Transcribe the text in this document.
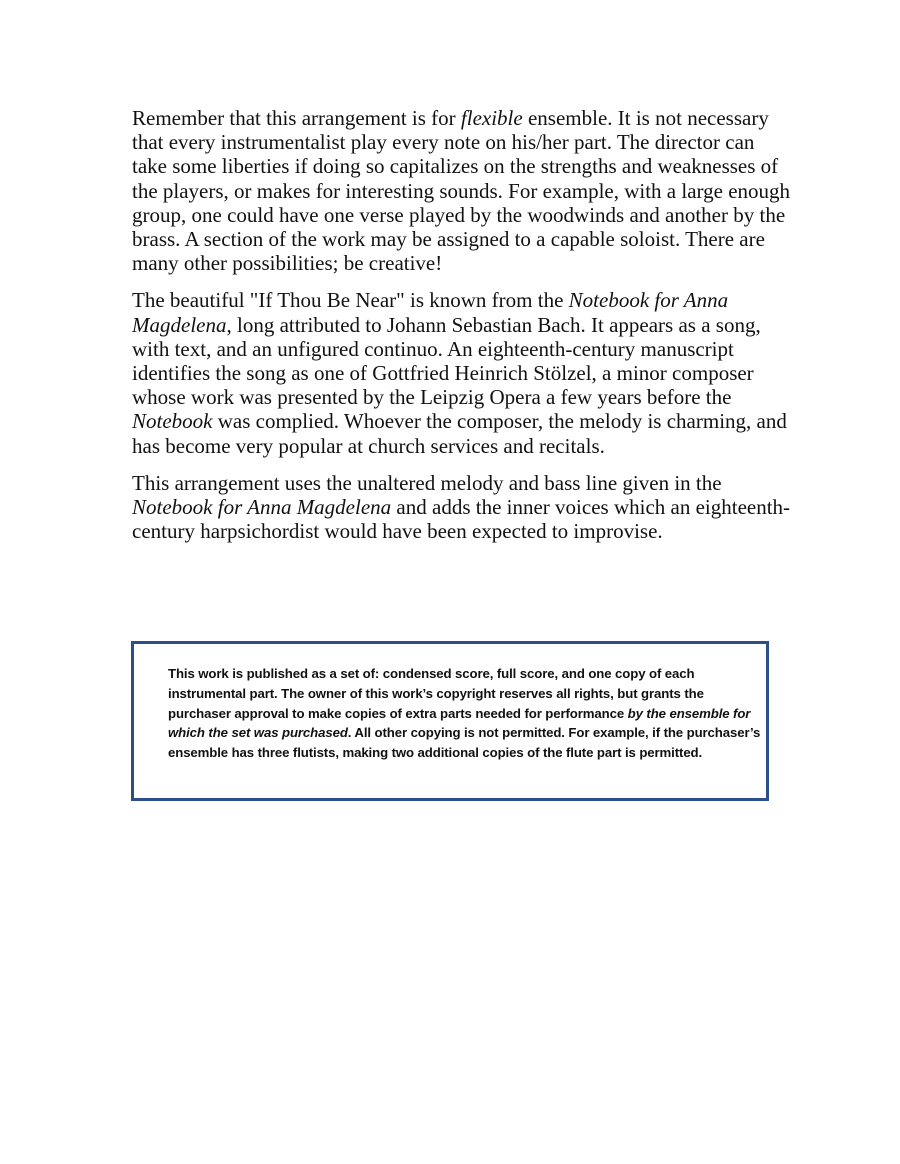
Remember that this arrangement is for flexible ensemble. It is not necessary that every instrumentalist play every note on his/her part. The director can take some liberties if doing so capitalizes on the strengths and weaknesses of the players, or makes for interesting sounds. For example, with a large enough group, one could have one verse played by the woodwinds and another by the brass. A section of the work may be assigned to a capable soloist. There are many other possibilities; be creative!

The beautiful "If Thou Be Near" is known from the Notebook for Anna Magdelena, long attributed to Johann Sebastian Bach. It appears as a song, with text, and an unfigured continuo. An eighteenth-century manuscript identifies the song as one of Gottfried Heinrich Stölzel, a minor composer whose work was presented by the Leipzig Opera a few years before the Notebook was complied. Whoever the composer, the melody is charming, and has become very popular at church services and recitals.

This arrangement uses the unaltered melody and bass line given in the Notebook for Anna Magdelena and adds the inner voices which an eighteenth-century harpsichordist would have been expected to improvise.

This work is published as a set of: condensed score, full score, and one copy of each instrumental part. The owner of this work’s copyright reserves all rights, but grants the purchaser approval to make copies of extra parts needed for performance by the ensemble for which the set was purchased. All other copying is not permitted. For example, if the purchaser’s ensemble has three flutists, making two additional copies of the flute part is permitted.
